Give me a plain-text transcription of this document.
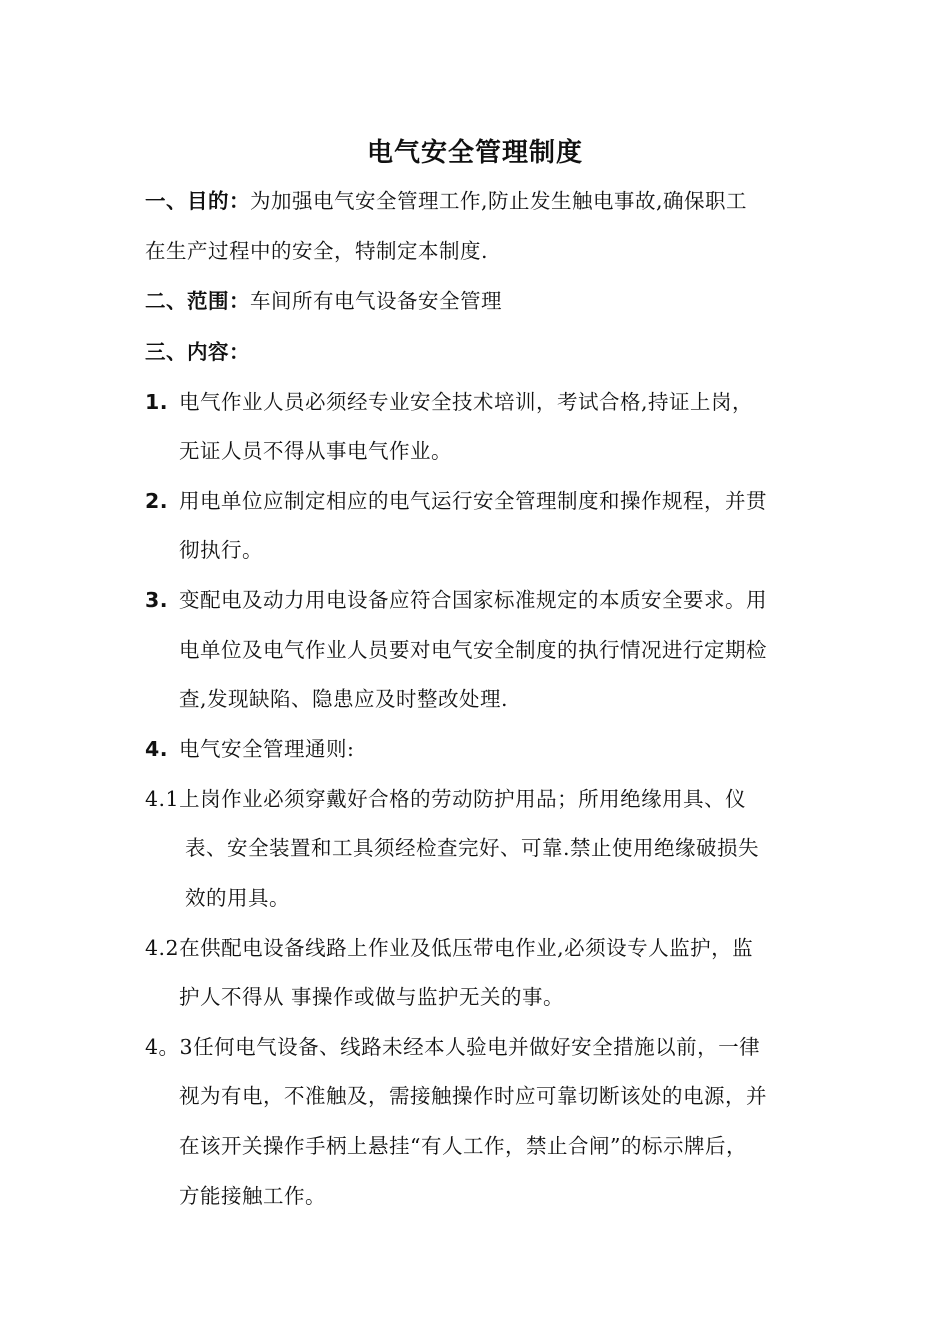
电气安全管理制度
一、目的：为加强电气安全管理工作,防止发生触电事故,确保职工
在生产过程中的安全，特制定本制度.
二、范围：车间所有电气设备安全管理
三、内容：
1. 电气作业人员必须经专业安全技术培训，考试合格,持证上岗，
无证人员不得从事电气作业。
2. 用电单位应制定相应的电气运行安全管理制度和操作规程，并贯
彻执行。
3. 变配电及动力用电设备应符合国家标准规定的本质安全要求。用
电单位及电气作业人员要对电气安全制度的执行情况进行定期检
查,发现缺陷、隐患应及时整改处理.
4. 电气安全管理通则:
4.1上岗作业必须穿戴好合格的劳动防护用品；所用绝缘用具、仪
表、安全装置和工具须经检查完好、可靠.禁止使用绝缘破损失
效的用具。
4.2在供配电设备线路上作业及低压带电作业,必须设专人监护，监
护人不得从 事操作或做与监护无关的事。
4。3任何电气设备、线路未经本人验电并做好安全措施以前，一律
视为有电，不准触及，需接触操作时应可靠切断该处的电源，并
在该开关操作手柄上悬挂“有人工作，禁止合闸”的标示牌后，
方能接触工作。
